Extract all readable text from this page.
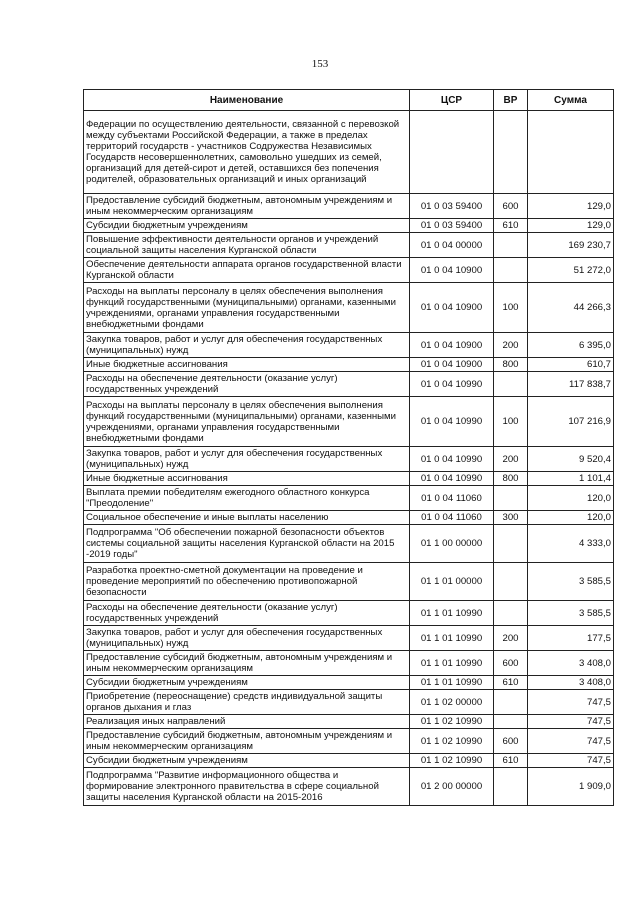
153
Наименование	ЦСР	ВР	Сумма
Федерации по осуществлению деятельности, связанной с перевозкой между субъектами Российской Федерации, а также в пределах территорий государств - участников Содружества Независимых Государств несовершеннолетних, самовольно ушедших из семей, организаций для детей-сирот и детей, оставшихся без попечения родителей, образовательных организаций и иных организаций			
Предоставление субсидий бюджетным, автономным учреждениям и иным некоммерческим организациям	01 0 03 59400	600	129,0
Субсидии бюджетным учреждениям	01 0 03 59400	610	129,0
Повышение эффективности деятельности органов и учреждений социальной защиты населения Курганской области	01 0 04 00000		169 230,7
Обеспечение деятельности аппарата органов государственной власти Курганской области	01 0 04 10900		51 272,0
Расходы на выплаты персоналу в целях обеспечения выполнения функций государственными (муниципальными) органами, казенными учреждениями, органами управления государственными внебюджетными фондами	01 0 04 10900	100	44 266,3
Закупка товаров, работ и услуг для обеспечения государственных (муниципальных) нужд	01 0 04 10900	200	6 395,0
Иные бюджетные ассигнования	01 0 04 10900	800	610,7
Расходы на обеспечение деятельности (оказание услуг) государственных учреждений	01 0 04 10990		117 838,7
Расходы на выплаты персоналу в целях обеспечения выполнения функций государственными (муниципальными) органами, казенными учреждениями, органами управления государственными внебюджетными фондами	01 0 04 10990	100	107 216,9
Закупка товаров, работ и услуг для обеспечения государственных (муниципальных) нужд	01 0 04 10990	200	9 520,4
Иные бюджетные ассигнования	01 0 04 10990	800	1 101,4
Выплата премии победителям ежегодного областного конкурса "Преодоление"	01 0 04 11060		120,0
Социальное обеспечение и иные выплаты населению	01 0 04 11060	300	120,0
Подпрограмма "Об обеспечении пожарной безопасности объектов системы социальной защиты населения Курганской области на 2015 -2019 годы"	01 1 00 00000		4 333,0
Разработка проектно-сметной документации на проведение и проведение мероприятий по обеспечению противопожарной безопасности	01 1 01 00000		3 585,5
Расходы на обеспечение деятельности (оказание услуг) государственных учреждений	01 1 01 10990		3 585,5
Закупка товаров, работ и услуг для обеспечения государственных (муниципальных) нужд	01 1 01 10990	200	177,5
Предоставление субсидий бюджетным, автономным учреждениям и иным некоммерческим организациям	01 1 01 10990	600	3 408,0
Субсидии бюджетным учреждениям	01 1 01 10990	610	3 408,0
Приобретение (переоснащение) средств индивидуальной защиты органов дыхания и глаз	01 1 02 00000		747,5
Реализация иных направлений	01 1 02 10990		747,5
Предоставление субсидий бюджетным, автономным учреждениям и иным некоммерческим организациям	01 1 02 10990	600	747,5
Субсидии бюджетным учреждениям	01 1 02 10990	610	747,5
Подпрограмма "Развитие информационного общества и формирование электронного правительства в сфере социальной защиты населения Курганской области на 2015-2016	01 2 00 00000		1 909,0
